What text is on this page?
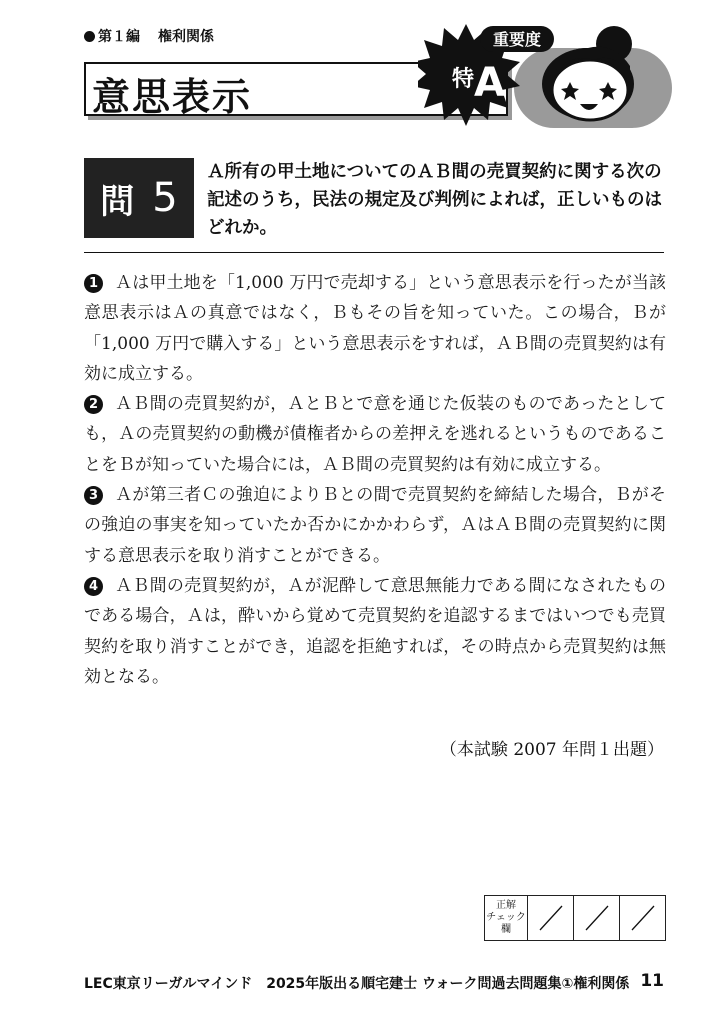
第１編 権利関係
意思表示	特 A
重要度
問 5
Ａ所有の甲土地についてのＡＢ間の売買契約に関する次の
記述のうち，民法の規定及び判例によれば，正しいものは
どれか。

1 Ａは甲土地を「1,000 万円で売却する」という意思表示を行ったが当該意思表示はＡの真意ではなく，Ｂもその旨を知っていた。この場合，Ｂが「1,000 万円で購入する」という意思表示をすれば，ＡＢ間の売買契約は有効に成立する。

2 ＡＢ間の売買契約が，ＡとＢとで意を通じた仮装のものであったとしても，Ａの売買契約の動機が債権者からの差押えを逃れるというものであることをＢが知っていた場合には，ＡＢ間の売買契約は有効に成立する。

3 Ａが第三者Ｃの強迫によりＢとの間で売買契約を締結した場合，Ｂがその強迫の事実を知っていたか否かにかかわらず，ＡはＡＢ間の売買契約に関する意思表示を取り消すことができる。

4 ＡＢ間の売買契約が，Ａが泥酔して意思無能力である間になされたものである場合，Ａは，酔いから覚めて売買契約を追認するまではいつでも売買契約を取り消すことができ，追認を拒絶すれば，その時点から売買契約は無効となる。

（本試験 2007 年問１出題）
正解
チェック
欄

LEC東京リーガルマインド　2025年版出る順宅建士 ウォーク問過去問題集①権利関係 11
